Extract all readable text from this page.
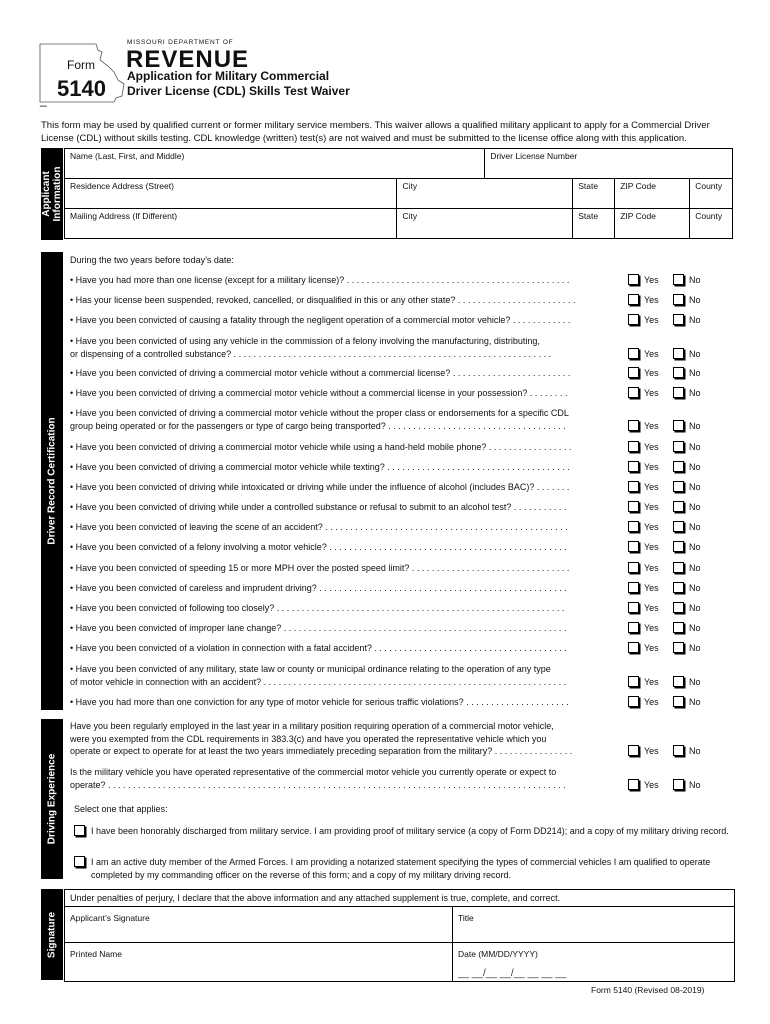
Form
5140
_
MISSOURI DEPARTMENT OF
REVENUE
Application for Military Commercial
Driver License (CDL) Skills Test Waiver
This form may be used by qualified current or former military service members. This waiver allows a qualified military applicant to apply for a Commercial Driver License (CDL) without skills testing. CDL knowledge (written) test(s) are not waived and must be submitted to the license office along with this application.
Applicant Information
Name (Last, First, and Middle)		Driver License Number			
Residence Address (Street)	City		State	ZIP Code	County
Mailing Address (If Different)	City		State	ZIP Code	County
Driver Record Certification
During the two years before today’s date:
• Have you had more than one license (except for a military license)? . . . . . . . . . . . . . . . . . . . . . . . . . . . . . . . . . . . . . . . . . . . . .	Yes	No
• Has your license been suspended, revoked, cancelled, or disqualified in this or any other state? . . . . . . . . . . . . . . . . . . . . . . . .	Yes	No
• Have you been convicted of causing a fatality through the negligent operation of a commercial motor vehicle? . . . . . . . . . . . .	Yes	No
• Have you been convicted of using any vehicle in the commission of a felony involving the manufacturing, distributing,
or dispensing of a controlled substance? . . . . . . . . . . . . . . . . . . . . . . . . . . . . . . . . . . . . . . . . . . . . . . . . . . . . . . . . . . . . . . . .	Yes	No
• Have you been convicted of driving a commercial motor vehicle without a commercial license? . . . . . . . . . . . . . . . . . . . . . . . .	Yes	No
• Have you been convicted of driving a commercial motor vehicle without a commercial license in your possession? . . . . . . . .	Yes	No
• Have you been convicted of driving a commercial motor vehicle without the proper class or endorsements for a specific CDL
group being operated or for the passengers or type of cargo being transported? . . . . . . . . . . . . . . . . . . . . . . . . . . . . . . . . . . . .	Yes	No
• Have you been convicted of driving a commercial motor vehicle while using a hand-held mobile phone? . . . . . . . . . . . . . . . . .	Yes	No
• Have you been convicted of driving a commercial motor vehicle while texting? . . . . . . . . . . . . . . . . . . . . . . . . . . . . . . . . . . . . .	Yes	No
• Have you been convicted of driving while intoxicated or driving while under the influence of alcohol (includes BAC)? . . . . . . .	Yes	No
• Have you been convicted of driving while under a controlled substance or refusal to submit to an alcohol test? . . . . . . . . . . .	Yes	No
• Have you been convicted of leaving the scene of an accident? . . . . . . . . . . . . . . . . . . . . . . . . . . . . . . . . . . . . . . . . . . . . . . . . .	Yes	No
• Have you been convicted of a felony involving a motor vehicle? . . . . . . . . . . . . . . . . . . . . . . . . . . . . . . . . . . . . . . . . . . . . . . . .	Yes	No
• Have you been convicted of speeding 15 or more MPH over the posted speed limit? . . . . . . . . . . . . . . . . . . . . . . . . . . . . . . . .	Yes	No
• Have you been convicted of careless and imprudent driving? . . . . . . . . . . . . . . . . . . . . . . . . . . . . . . . . . . . . . . . . . . . . . . . . . .	Yes	No
• Have you been convicted of following too closely? . . . . . . . . . . . . . . . . . . . . . . . . . . . . . . . . . . . . . . . . . . . . . . . . . . . . . . . . . .	Yes	No
• Have you been convicted of improper lane change? . . . . . . . . . . . . . . . . . . . . . . . . . . . . . . . . . . . . . . . . . . . . . . . . . . . . . . . . .	Yes	No
• Have you been convicted of a violation in connection with a fatal accident? . . . . . . . . . . . . . . . . . . . . . . . . . . . . . . . . . . . . . . .	Yes	No
• Have you been convicted of any military, state law or county or municipal ordinance relating to the operation of any type
of motor vehicle in connection with an accident? . . . . . . . . . . . . . . . . . . . . . . . . . . . . . . . . . . . . . . . . . . . . . . . . . . . . . . . . . . . . .	Yes	No
• Have you had more than one conviction for any type of motor vehicle for serious traffic violations? . . . . . . . . . . . . . . . . . . . . .	Yes	No
Driving Experience
Have you been regularly employed in the last year in a military position requiring operation of a commercial motor vehicle,
were you exempted from the CDL requirements in 383.3(c) and have you operated the representative vehicle which you
operate or expect to operate for at least the two years immediately preceding separation from the military? . . . . . . . . . . . . . . . .	Yes	No
Is the military vehicle you have operated representative of the commercial motor vehicle you currently operate or expect to
operate? . . . . . . . . . . . . . . . . . . . . . . . . . . . . . . . . . . . . . . . . . . . . . . . . . . . . . . . . . . . . . . . . . . . . . . . . . . . . . . . . . . . . . . . . . . . .	Yes	No
Select one that applies:
I have been honorably discharged from military service. I am providing proof of military service (a copy of Form DD214); and a copy of my military driving record.
I am an active duty member of the Armed Forces. I am providing a notarized statement specifying the types of commercial vehicles I am qualified to operate completed by my commanding officer on the reverse of this form; and a copy of my military driving record.
Signature
Under penalties of perjury, I declare that the above information and any attached supplement is true, complete, and correct.
Applicant’s Signature	Title
Printed Name	Date (MM/DD/YYYY)
__ __/__ __/__ __ __ __
Form 5140 (Revised 08-2019)
